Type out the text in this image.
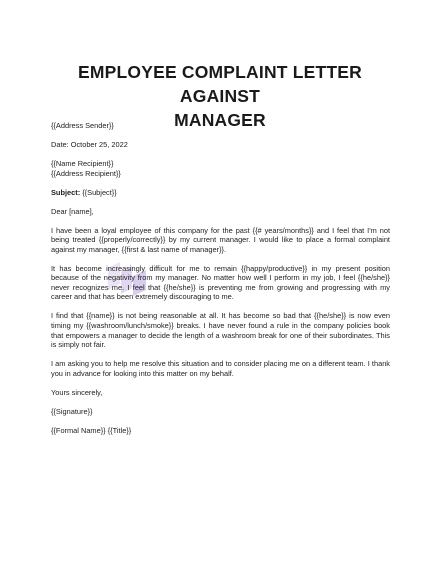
EMPLOYEE COMPLAINT LETTER AGAINST
MANAGER

{{Address Sender}}

Date: October 25, 2022

{{Name Recipient}}

{{Address Recipient}}

Subject: {{Subject}}

Dear [name],

I have been a loyal employee of this company for the past {{# years/months}} and I feel that I'm not being treated {{properly/correctly}} by my current manager. I would like to place a formal complaint against my manager, {{first & last name of manager}}.

It has become increasingly difficult for me to remain {{happy/productive}} in my present position because of the negativity from my manager. No matter how well I perform in my job, I feel {{he/she}} never recognizes me. I feel that {{he/she}} is preventing me from growing and progressing with my career and that has been extremely discouraging to me.

I find that {{name}} is not being reasonable at all. It has become so bad that {{he/she}} is now even timing my {{washroom/lunch/smoke}} breaks. I have never found a rule in the company policies book that empowers a manager to decide the length of a washroom break for one of their subordinates. This is simply not fair.

I am asking you to help me resolve this situation and to consider placing me on a different team. I thank you in advance for looking into this matter on my behalf.

Yours sincerely,

{{Signature}}

{{Formal Name}} {{Title}}
